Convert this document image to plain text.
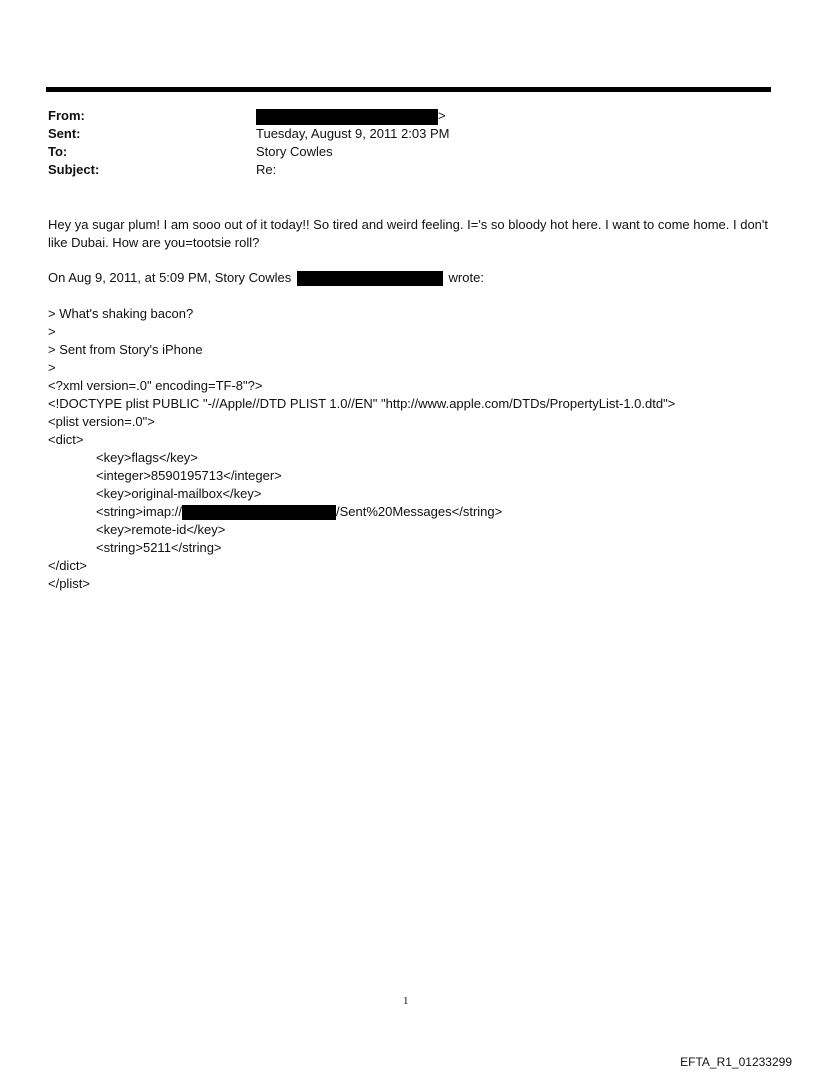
From:	>
Sent:	Tuesday, August 9, 2011 2:03 PM
To:	Story Cowles
Subject:	Re:
Hey ya sugar plum! I am sooo out of it today!! So tired and weird feeling. I='s so bloody hot here. I want to come home. I don't like Dubai. How are you=tootsie roll?
On Aug 9, 2011, at 5:09 PM, Story Cowles	wrote:
> What's shaking bacon?
>
> Sent from Story's iPhone
>
<?xml version=.0" encoding=TF-8"?>
<!DOCTYPE plist PUBLIC "-//Apple//DTD PLIST 1.0//EN" "http://www.apple.com/DTDs/PropertyList-1.0.dtd">
<plist version=.0">
<dict>
<key>flags</key>
<integer>8590195713</integer>
<key>original-mailbox</key>
<string>imap://	/Sent%20Messages</string>
<key>remote-id</key>
<string>5211</string>
</dict>
</plist>
1
EFTA_R1_01233299
